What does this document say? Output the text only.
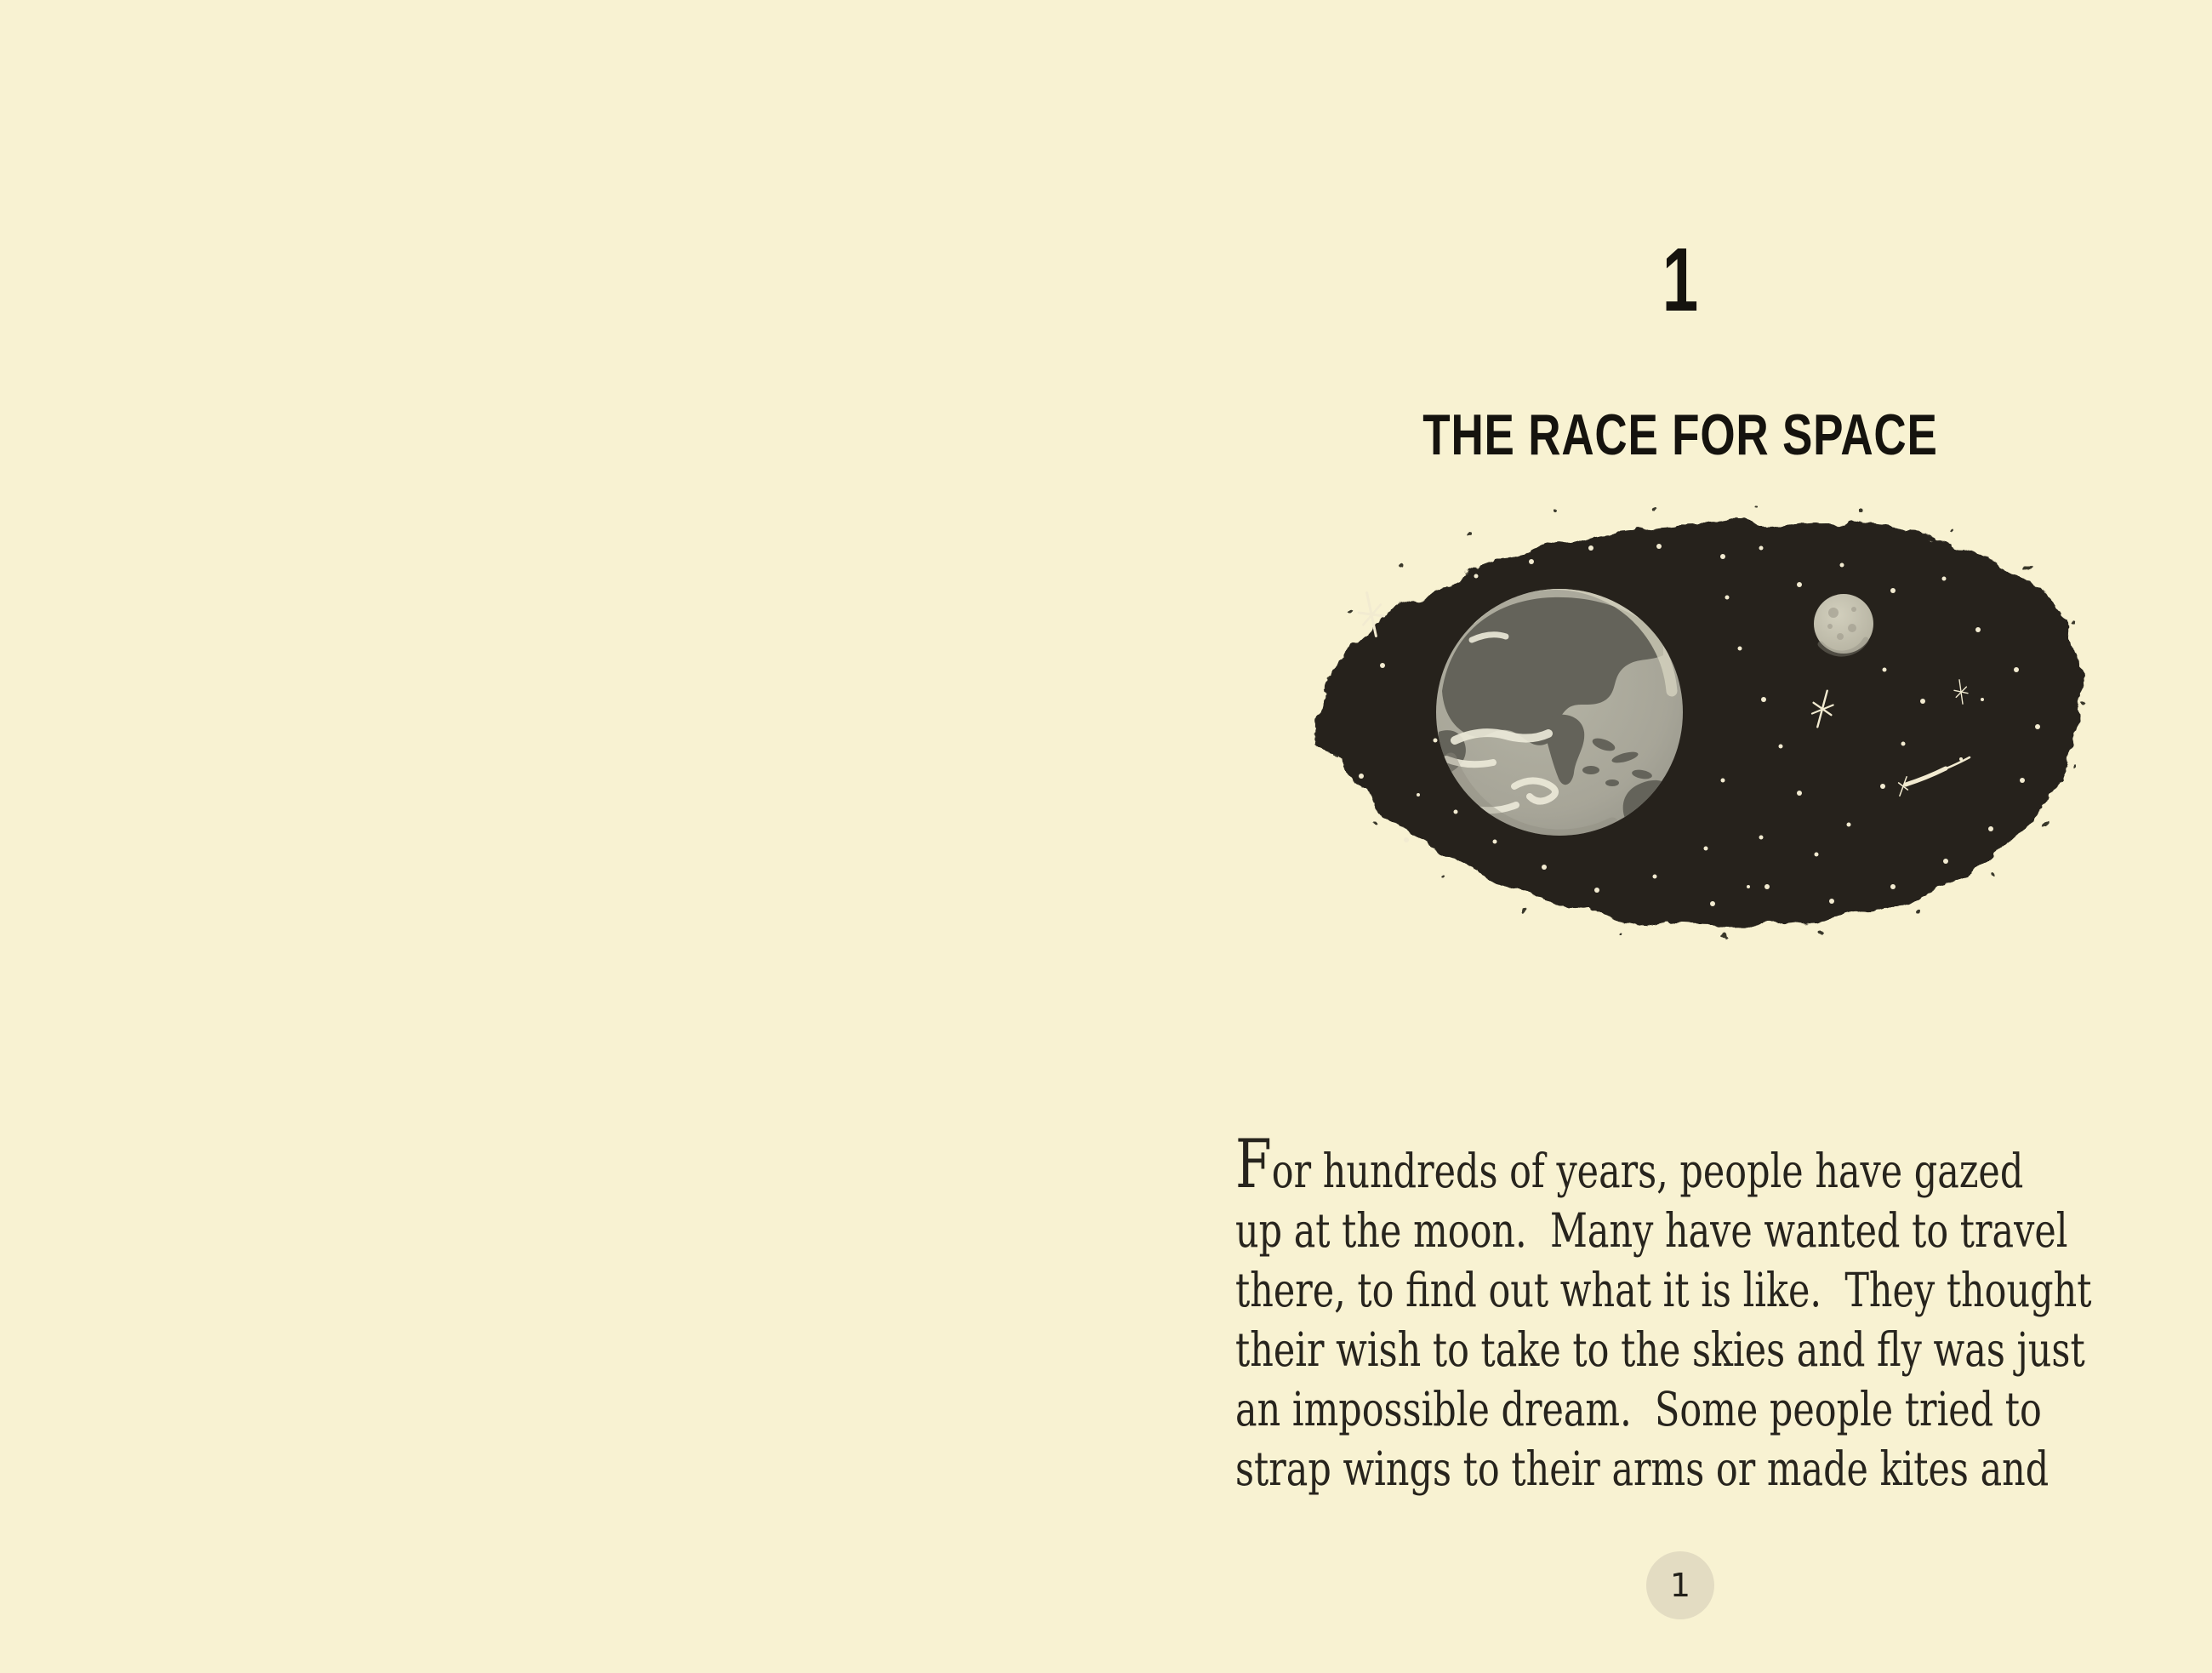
1
THE RACE FOR SPACE
For hundreds of years, people have gazed
up at the moon.  Many have wanted to travel
there, to find out what it is like.  They thought
their wish to take to the skies and fly was just
an impossible dream.  Some people tried to
strap wings to their arms or made kites and
1
